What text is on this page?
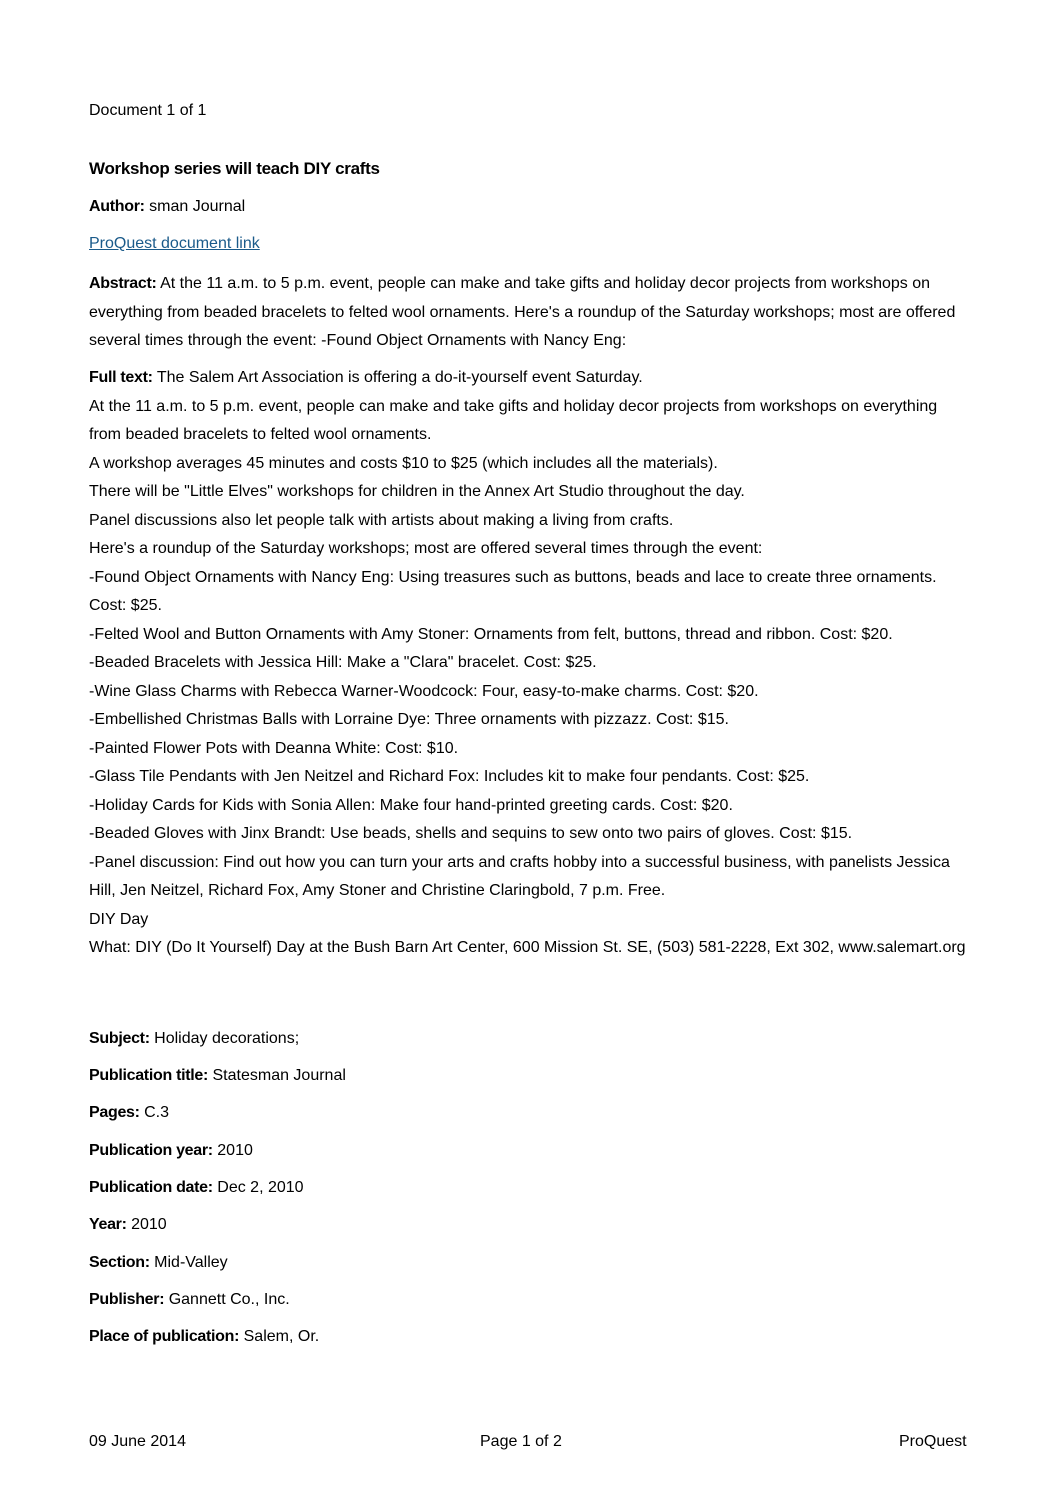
Document 1 of 1
Workshop series will teach DIY crafts
Author: sman Journal
ProQuest document link
Abstract: At the 11 a.m. to 5 p.m. event, people can make and take gifts and holiday decor projects from workshops on everything from beaded bracelets to felted wool ornaments. Here's a roundup of the Saturday workshops; most are offered several times through the event: -Found Object Ornaments with Nancy Eng:

Full text: The Salem Art Association is offering a do-it-yourself event Saturday.

At the 11 a.m. to 5 p.m. event, people can make and take gifts and holiday decor projects from workshops on everything from beaded bracelets to felted wool ornaments.

A workshop averages 45 minutes and costs $10 to $25 (which includes all the materials).

There will be "Little Elves" workshops for children in the Annex Art Studio throughout the day.

Panel discussions also let people talk with artists about making a living from crafts.

Here's a roundup of the Saturday workshops; most are offered several times through the event:

-Found Object Ornaments with Nancy Eng: Using treasures such as buttons, beads and lace to create three ornaments. Cost: $25.

-Felted Wool and Button Ornaments with Amy Stoner: Ornaments from felt, buttons, thread and ribbon. Cost: $20.

-Beaded Bracelets with Jessica Hill: Make a "Clara" bracelet. Cost: $25.

-Wine Glass Charms with Rebecca Warner-Woodcock: Four, easy-to-make charms. Cost: $20.

-Embellished Christmas Balls with Lorraine Dye: Three ornaments with pizzazz. Cost: $15.

-Painted Flower Pots with Deanna White: Cost: $10.

-Glass Tile Pendants with Jen Neitzel and Richard Fox: Includes kit to make four pendants. Cost: $25.

-Holiday Cards for Kids with Sonia Allen: Make four hand-printed greeting cards. Cost: $20.

-Beaded Gloves with Jinx Brandt: Use beads, shells and sequins to sew onto two pairs of gloves. Cost: $15.

-Panel discussion: Find out how you can turn your arts and crafts hobby into a successful business, with panelists Jessica Hill, Jen Neitzel, Richard Fox, Amy Stoner and Christine Claringbold, 7 p.m. Free.

DIY Day

What: DIY (Do It Yourself) Day at the Bush Barn Art Center, 600 Mission St. SE, (503) 581-2228, Ext 302, www.salemart.org

Subject: Holiday decorations;
Publication title: Statesman Journal
Pages: C.3
Publication year: 2010
Publication date: Dec 2, 2010
Year: 2010
Section: Mid-Valley
Publisher: Gannett Co., Inc.
Place of publication: Salem, Or.
09 June 2014	Page 1 of 2	ProQuest
